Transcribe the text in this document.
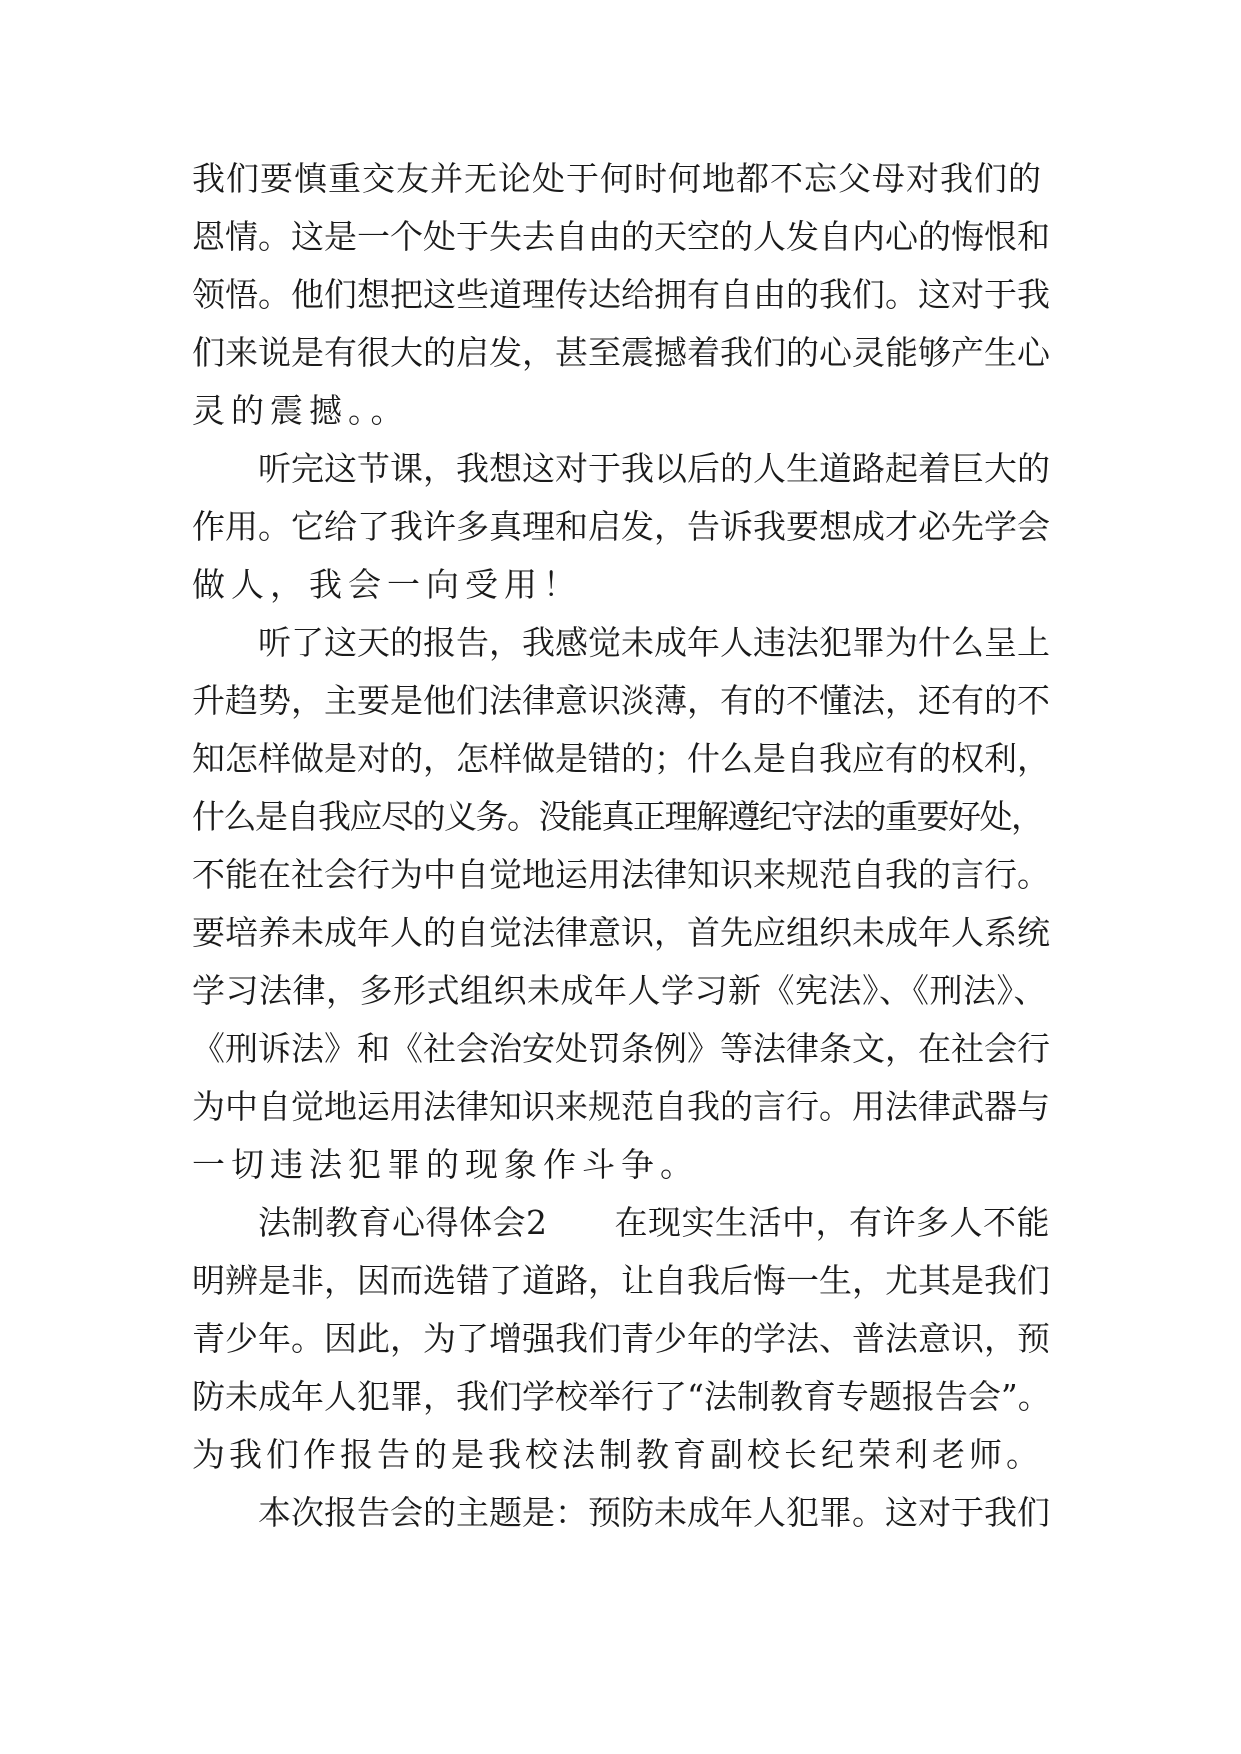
我们要慎重交友并无论处于何时何地都不忘父母对我们的
恩情。这是一个处于失去自由的天空的人发自内心的悔恨和
领悟。他们想把这些道理传达给拥有自由的我们。这对于我
们来说是有很大的启发，甚至震撼着我们的心灵能够产生心
灵的震撼。。
听完这节课，我想这对于我以后的人生道路起着巨大的
作用。它给了我许多真理和启发，告诉我要想成才必先学会
做人，我会一向受用！
听了这天的报告，我感觉未成年人违法犯罪为什么呈上
升趋势，主要是他们法律意识淡薄，有的不懂法，还有的不
知怎样做是对的，怎样做是错的；什么是自我应有的权利，
什么是自我应尽的义务。没能真正理解遵纪守法的重要好处，
不能在社会行为中自觉地运用法律知识来规范自我的言行。
要培养未成年人的自觉法律意识，首先应组织未成年人系统
学习法律，多形式组织未成年人学习新《宪法》、《刑法》、
《刑诉法》和《社会治安处罚条例》等法律条文，在社会行
为中自觉地运用法律知识来规范自我的言行。用法律武器与
一切违法犯罪的现象作斗争。
法制教育心得体会2　　在现实生活中，有许多人不能
明辨是非，因而选错了道路，让自我后悔一生，尤其是我们
青少年。因此，为了增强我们青少年的学法、普法意识，预
防未成年人犯罪，我们学校举行了“法制教育专题报告会”。
为我们作报告的是我校法制教育副校长纪荣利老师。
本次报告会的主题是：预防未成年人犯罪。这对于我们
